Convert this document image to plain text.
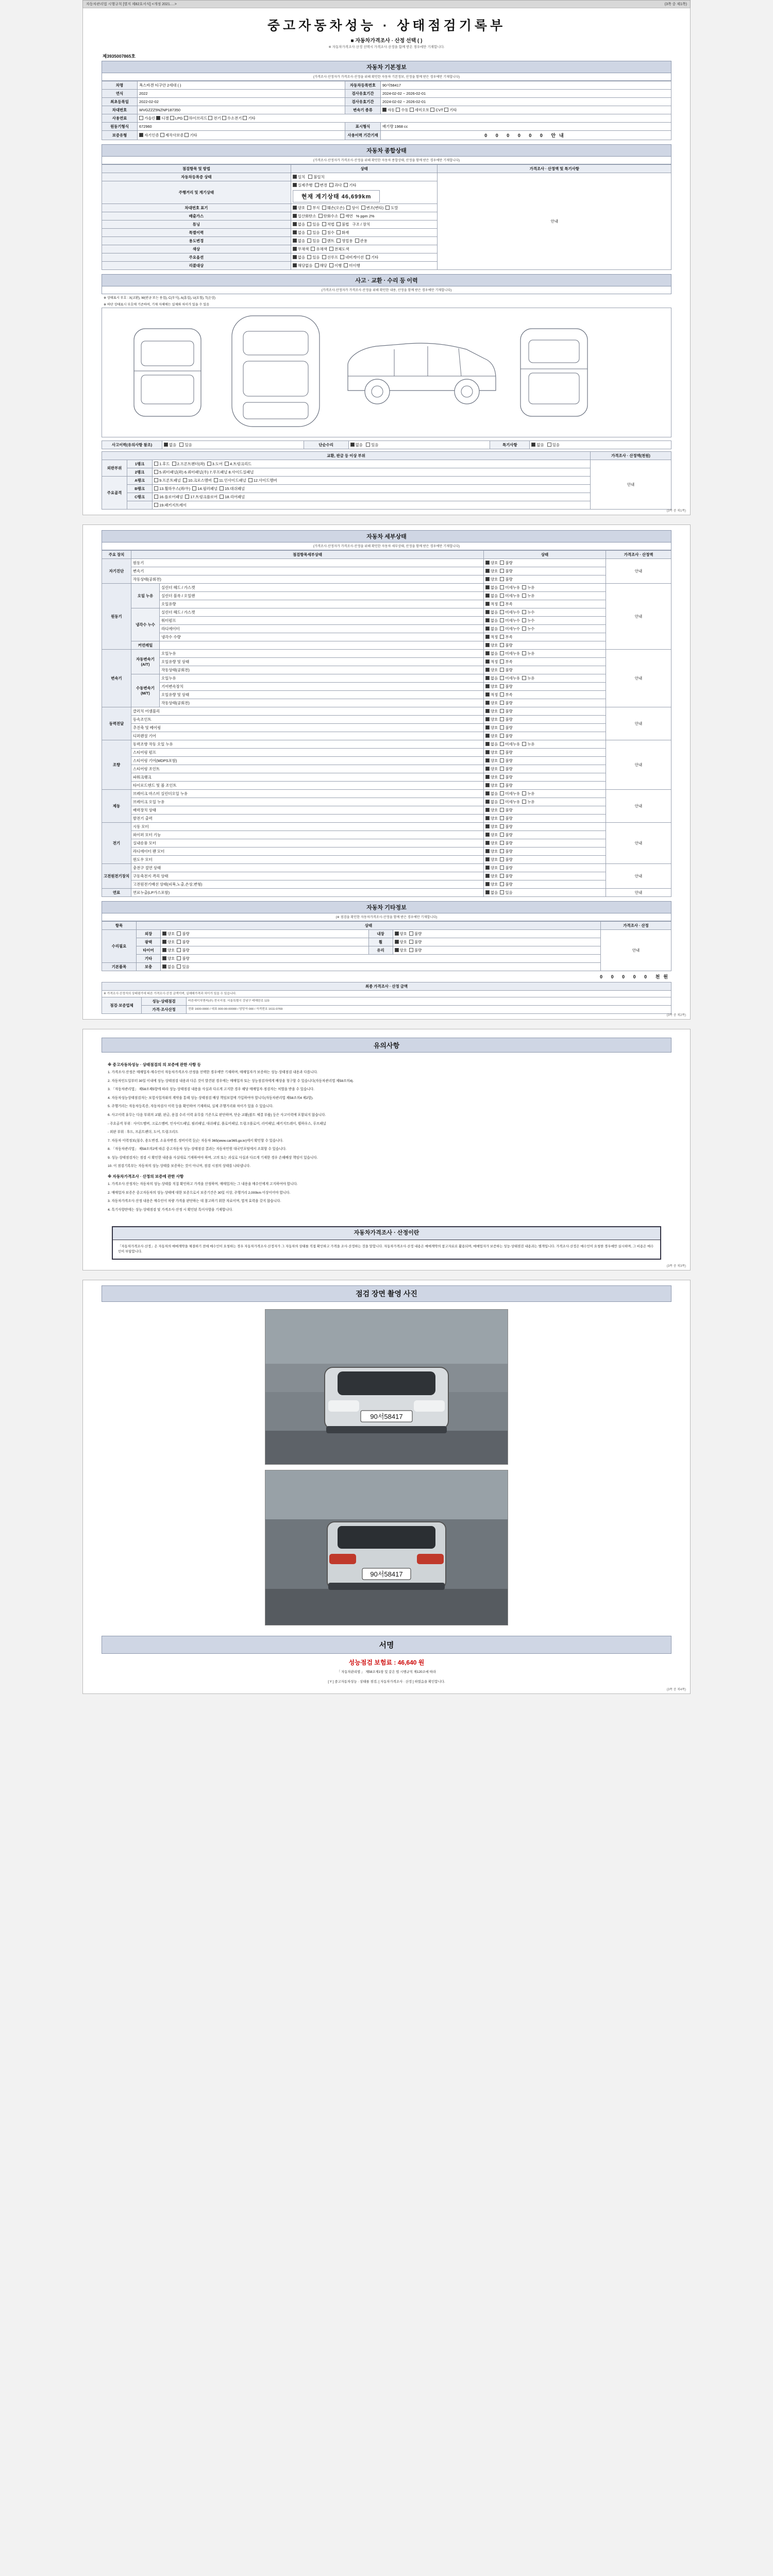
자동차관리법 시행규칙 [별지 제82호서식] <개정 2021.…>	(3쪽 중 제1쪽)
중고자동차성능 · 상태점검기록부
■ 자동차가격조사 · 산정 선택 ( )
※ 자동차가격조사·산정 선택시 가격조사·산정을 함께 받은 경우에만 기재합니다.
제3935007865호
자동차 기본정보
(가격조사·산정자가 가격조사·산정을 위해 확인한 자동차 기본정보, 산정을 함께 받은 경우에만 기재합니다)
차명	폭스바겐 티구안 2세대 ( )	자동차등록번호	90서58417
연식	2022	검사유효기간	2024-02-02 ~ 2026-02-01
최초등록일	2022-02-02	검사유효기간	2024-02-02 ~ 2026-02-01
차대번호	WVGZZZ5NZNP187350	변속기 종류	자동 수동 세미오토 CVT 기타
사용연료	가솔린 디젤 LPG 하이브리드 전기 수소전기 기타		
원동기형식	672960	표시형식	배기량 1968 cc
보증유형	자기인증 제작사보증 기타	사용이력 기간기재	0 0 0 0 0 0 안내
자동차 종합상태
(가격조사·산정자가 가격조사·산정을 위해 확인한 자동차 종합상태, 산정을 함께 받은 경우에만 기재합니다)
점검항목 및 방법	상태	가격조사 · 산정액 및 특기사항
자동차등록증 상태	일치 불일치	안내

주행거리 및 계기상태	실제주행 변경 과다 기타 현재 계기상태 46,699km	
차대번호 표기	양호 부식 훼손(오손) 상이 변조(변타) 도말	
배출가스	일산화탄소 탄화수소 매연 % ppm 2%	
튜닝	없음 있음 적법 불법 구조 / 장치	
특별이력	없음 있음 침수 화재	
용도변경	없음 있음 렌트 영업용 관용	
색상	무채색 유채색 전체도색	
주요옵션	없음 있음 선루프 네비게이션 기타	
리콜대상	해당없음 해당 이행 미이행	
사고 · 교환 · 수리 등 이력
(가격조사·산정자가 가격조사·산정을 위해 확인한 내용, 산정을 함께 받은 경우에만 기재합니다)
※ 상태표시 부호 : X(교환), W(판금 또는 용접), C(부식), A(흠집), U(요철), T(손상)
※ 하단 상태표시 부호에 기준하여, 기재 자체에는 실제와 차이가 있을 수 있음
사고이력(유의사항 참조)	없음 있음	단순수리	없음 있음	특기사항	없음 있음
교환, 판금 등 이상 부위			가격조사 · 산정액(천원)
외판부위	1랭크	1.후드  2.프론트펜더(좌)  3.도어  4.트렁크리드	안내
	2랭크	5.쿼터패널(좌) 6.쿼터패널(우) 7.루프패널 8.사이드실패널	
주요골격	A랭크	9.프론트패널  10.크로스멤버  11.인사이드패널  12.사이드멤버	
	B랭크	13.휠하우스(좌/우)  14.필러패널  15.대쉬패널	
	C랭크	16.플로어패널  17.트렁크플로어  18.리어패널	
		19.패키지트레이	
(3쪽 중 제1쪽)
자동차 세부상태
(가격조사·산정자가 가격조사·산정을 위해 확인한 자동차 세부상태, 산정을 함께 받은 경우에만 기재합니다)
주요 장치	점검항목세부상태		상태	가격조사 · 산정액
자기진단	원동기		양호  불량	안내
	변속기		양호  불량	
	작동상태(공회전)		양호  불량	
원동기	오일 누유	실린더 헤드 / 가스켓	없음  미세누유  누유	안내
		실린더 블록 / 오일팬	없음  미세누유  누유	
		오일유량	적정  부족	
	냉각수 누수	실린더 헤드 / 가스켓	없음  미세누수  누수	
		워터펌프	없음  미세누수  누수	
		라디에이터	없음  미세누수  누수	
		냉각수 수량	적정  부족	
	커먼레일		양호  불량	
변속기	자동변속기(A/T)	오일누유	없음  미세누유  누유	안내
		오일유량 및 상태	적정  부족	
		작동상태(공회전)	양호  불량	
	수동변속기(M/T)	오일누유	없음  미세누유  누유	
		기어변속장치	양호  불량	
		오일유량 및 상태	적정  부족	
		작동상태(공회전)	양호  불량	
동력전달	클러치 어셈블리		양호  불량	안내
	등속조인트		양호  불량	
	추진축 및 베어링		양호  불량	
	디퍼렌셜 기어		양호  불량	
조향	동력조향 작동 오일 누유		없음  미세누유  누유	안내
	스티어링 펌프		양호  불량	
	스티어링 기어(MDPS포함)		양호  불량	
	스티어링 조인트		양호  불량	
	파워크랭크		양호  불량	
	타이로드엔드 및 볼 조인트		양호  불량	
제동	브레이크 마스터 실린더오일 누유		없음  미세누유  누유	안내
	브레이크 오일 누유		없음  미세누유  누유	
	배력장치 상태		양호  불량	
	발전기 출력		양호  불량	
전기	시동 모터		양호  불량	안내
	와이퍼 모터 기능		양호  불량	
	실내송풍 모터		양호  불량	
	라디에이터 팬 모터		양호  불량	
	윈도우 모터		양호  불량	
고전원전기장치	충전구 절연 상태		양호  불량	안내
	구동축전지 격리 상태		양호  불량	
	고전원전기배선 상태(피복,노출,손상,변형)		양호  불량	
연료	연료누출(LP가스포함)		없음  있음	안내
자동차 기타정보
(※ 점검을 확인한 자동차가격조사·산정을 함께 받은 경우에만 기재합니다)
항목	상태				가격조사 · 산정
수리필요	외장	양호  불량	내장	양호  불량	안내
	광택	양호  불량	휠	양호  불량	
	타이어	양호  불량	유리	양호  불량	
	기타	양호  불량			
기본품목	보충	없음  있음			

0 0 0 0 0 천원
최종 가격조사 · 산정 금액		
※ 가격조사·산정자의 상태평가에 따른 가격조사·산정 금액이며, 실매매가격과 차이가 있을 수 있습니다.		
점검·보증업체	성능·상태점검	바른에이치앤씨(주) 전국지점. 서울특별시 강남구 테헤란로 123
	가격·조사산정	전화 1600-0000 / 대표 000-00-00000 / 담당자 000 / 자격번호 1611-0769
(3쪽 중 제2쪽)
유의사항
※ 중고자동차성능 · 상태점검의 의 보증에 관한 사항 등

1. 가격조사·산정은 매매업자·매수인이 자동차가격조사·산정을 선택한 경우에만 기재하며, 매매업자가 보증하는 성능·상태점검 내용과 다릅니다.

2. 자동차인도일부터 30일 이내에 성능·상태점검 내용과 다른 것이 발견된 경우에는 매매업자 또는 성능점검자에게 배상을 청구할 수 있습니다(자동차관리법 제58조의4).

3. 「자동차관리법」 제58조제5항에 따라 성능·상태점검 내용을 사실과 다르게 고지한 경우 해당 매매업자·점검자는 처벌을 받을 수 있습니다.

4. 자동차성능상태점검자는 보험사업자와의 계약을 통해 성능·상태점검 배상 책임보험에 가입하여야 합니다(자동차관리법 제58조의4 제2항).

5. 주행거리는 자동차등록증, 자동차검사 이력 등을 확인하여 기재하되, 실제 주행거리와 차이가 있을 수 있습니다.

6. 사고이력 유무는 다음 부위의 교환, 판금, 용접 수리 이력 유무를 기준으로 판단하며, 단순 교환(볼트 체결 부품) 등은 사고이력에 포함되지 않습니다.

- 주요골격 부위 : 사이드멤버, 크로스멤버, 인사이드패널, 필러패널, 대쉬패널, 플로어패널, 트렁크플로어, 리어패널, 패키지트레이, 휠하우스, 루프패널

- 외판 부위 : 후드, 프론트펜더, 도어, 트렁크리드

7. 자동차 이력정보(침수, 용도변경, 소유자변경, 정비이력 등)는 자동차 365(www.car365.go.kr)에서 확인할 수 있습니다.

8. 「자동차관리법」 제58조의2에 따른 중고자동차 성능·상태점검 결과는 자동차민원 대국민포털에서 조회할 수 있습니다.

9. 성능·상태점검자는 점검 시 확인한 내용을 사실대로 기재하여야 하며, 고의 또는 과실로 사실과 다르게 기재한 경우 손해배상 책임이 있습니다.

10. 이 점검기록부는 자동차의 성능·상태를 보증하는 것이 아니며, 점검 시점의 상태를 나타냅니다.

※ 자동차가격조사 · 산정의 보증에 관한 사항

1. 가격조사·산정자는 자동차의 성능·상태를 직접 확인하고 가격을 산정하며, 매매업자는 그 내용을 매수인에게 고지하여야 합니다.

2. 매매업자 보증은 중고자동차의 성능·상태에 대한 보증으로서 보증기간은 30일 이상, 주행거리 2,000km 이상이어야 합니다.

3. 자동차가격조사·산정 내용은 매수인이 차량 가격을 판단하는 데 참고하기 위한 자료이며, 법적 효력을 갖지 않습니다.

4. 특기사항란에는 성능·상태점검 및 가격조사·산정 시 확인된 특이사항을 기재합니다.

자동차가격조사 · 산정이란
「자동차가격조사·산정」은 자동차의 매매계약을 체결하기 전에 매수인이 요청하는 경우 자동차가격조사·산정자가 그 자동차의 상태를 직접 확인하고 가격을 조사·산정하는 것을 말합니다. 자동차가격조사·산정 내용은 매매계약의 참고자료로 활용되며, 매매업자가 보증하는 성능·상태점검 내용과는 별개입니다. 가격조사·산정은 매수인이 요청한 경우에만 실시하며, 그 비용은 매수인이 부담합니다.
(3쪽 중 제3쪽)
점검 장면 촬영 사진
90서58417
90서58417
서명
성능점검 보험료 : 46,640 원
「 자동차관리법 」 제58조제1항 및 같은 법 시행규칙 제120조에 따라
[ Y ] 중고자동차성능 · 상태를 점검, [ 자동차가격조사 · 산정 ] 하였음을 확인합니다.
(3쪽 중 제4쪽)
